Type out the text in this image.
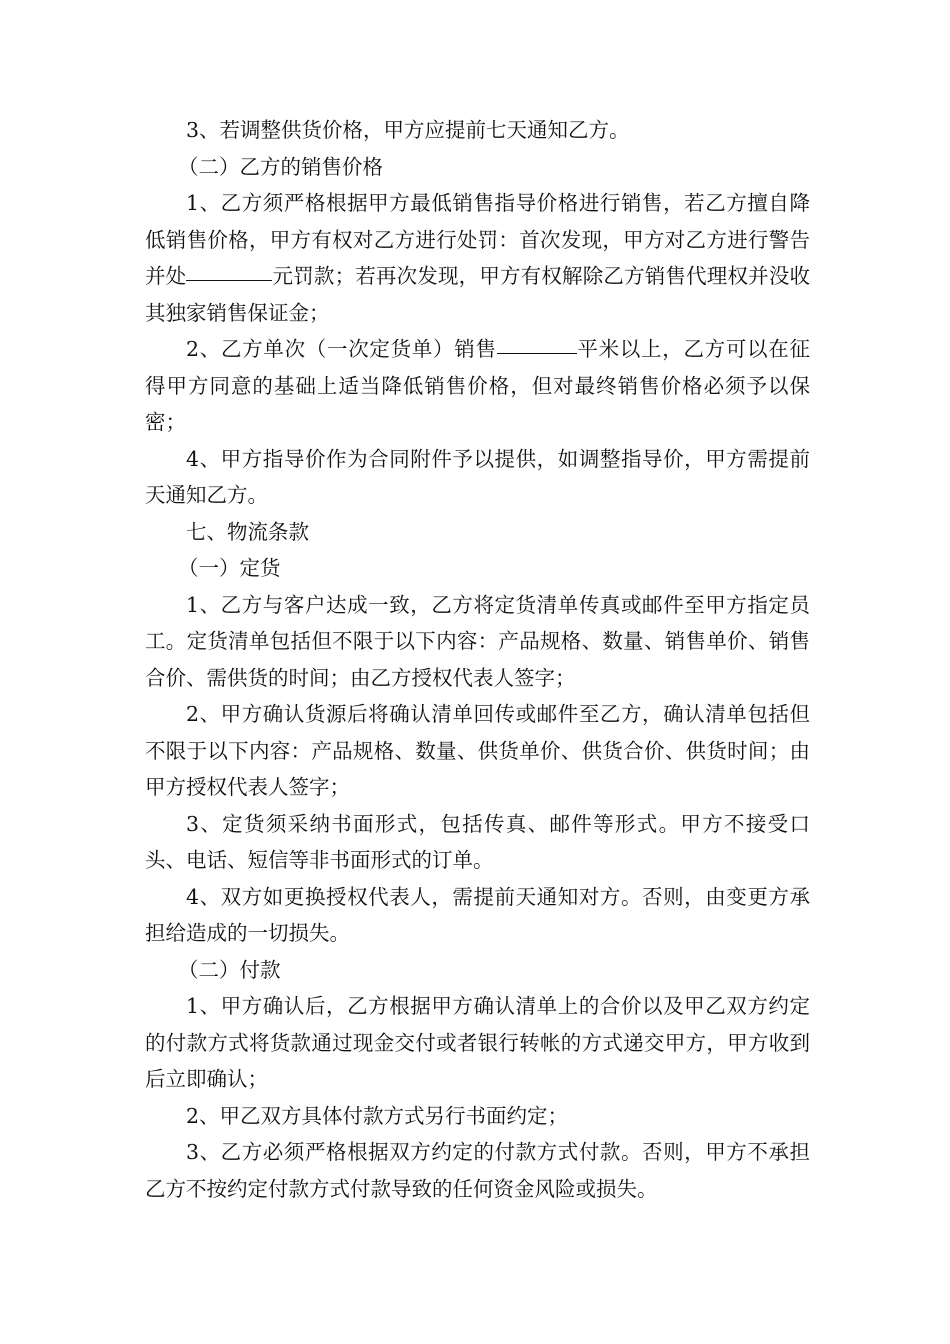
3、若调整供货价格，甲方应提前七天通知乙方。

（二）乙方的销售价格

1、乙方须严格根据甲方最低销售指导价格进行销售，若乙方擅自降低销售价格，甲方有权对乙方进行处罚：首次发现，甲方对乙方进行警告并处	元罚款；若再次发现，甲方有权解除乙方销售代理权并没收其独家销售保证金；

2、乙方单次（一次定货单）销售	平米以上，乙方可以在征得甲方同意的基础上适当降低销售价格，但对最终销售价格必须予以保密；

4、甲方指导价作为合同附件予以提供，如调整指导价，甲方需提前天通知乙方。

七、物流条款

（一）定货

1、乙方与客户达成一致，乙方将定货清单传真或邮件至甲方指定员工。定货清单包括但不限于以下内容：产品规格、数量、销售单价、销售合价、需供货的时间；由乙方授权代表人签字；

2、甲方确认货源后将确认清单回传或邮件至乙方，确认清单包括但不限于以下内容：产品规格、数量、供货单价、供货合价、供货时间；由甲方授权代表人签字；

3、定货须采纳书面形式，包括传真、邮件等形式。甲方不接受口头、电话、短信等非书面形式的订单。

4、双方如更换授权代表人，需提前天通知对方。否则，由变更方承担给造成的一切损失。

（二）付款

1、甲方确认后，乙方根据甲方确认清单上的合价以及甲乙双方约定的付款方式将货款通过现金交付或者银行转帐的方式递交甲方，甲方收到后立即确认；

2、甲乙双方具体付款方式另行书面约定；

3、乙方必须严格根据双方约定的付款方式付款。否则，甲方不承担乙方不按约定付款方式付款导致的任何资金风险或损失。
